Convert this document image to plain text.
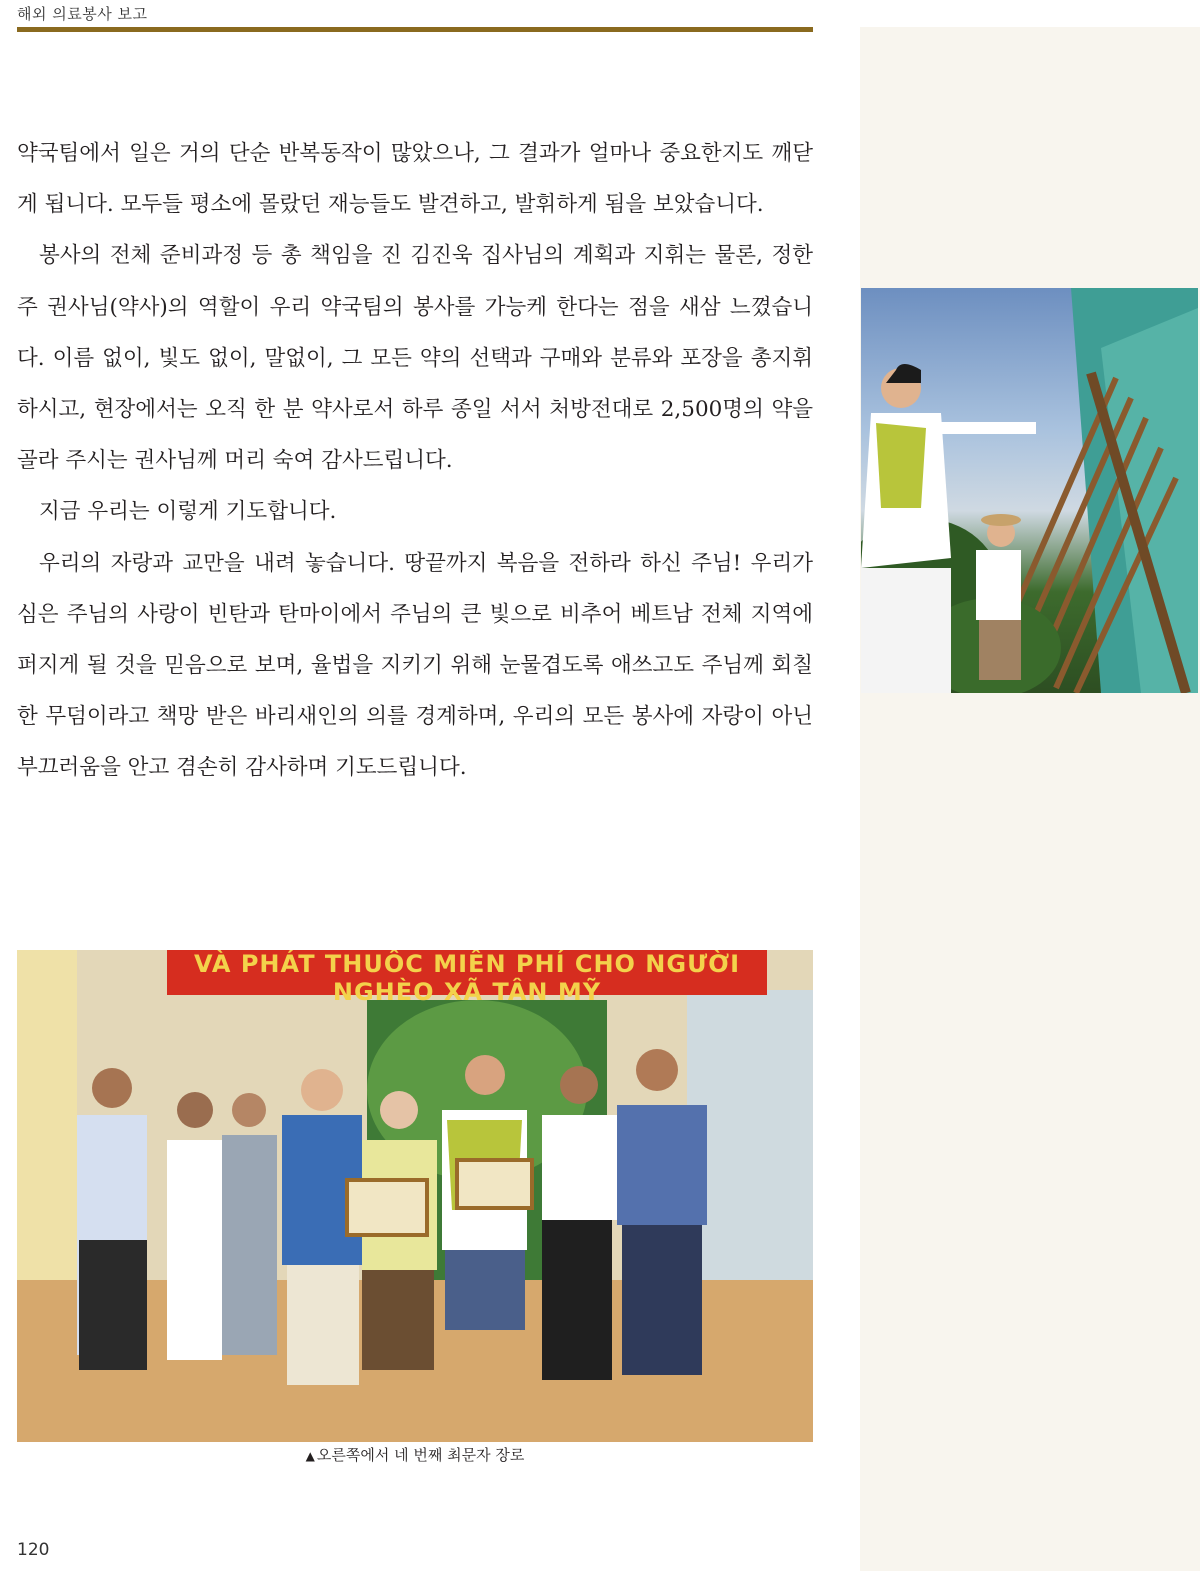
해외 의료봉사 보고

약국팀에서 일은 거의 단순 반복동작이 많았으나, 그 결과가 얼마나 중요한지도 깨닫게 됩니다. 모두들 평소에 몰랐던 재능들도 발견하고, 발휘하게 됨을 보았습니다.

봉사의 전체 준비과정 등 총 책임을 진 김진욱 집사님의 계획과 지휘는 물론, 정한주 권사님(약사)의 역할이 우리 약국팀의 봉사를 가능케 한다는 점을 새삼 느꼈습니다. 이름 없이, 빛도 없이, 말없이, 그 모든 약의 선택과 구매와 분류와 포장을 총지휘하시고, 현장에서는 오직 한 분 약사로서 하루 종일 서서 처방전대로 2,500명의 약을 골라 주시는 권사님께 머리 숙여 감사드립니다.

지금 우리는 이렇게 기도합니다.

우리의 자랑과 교만을 내려 놓습니다. 땅끝까지 복음을 전하라 하신 주님! 우리가 심은 주님의 사랑이 빈탄과 탄마이에서 주님의 큰 빛으로 비추어 베트남 전체 지역에 퍼지게 될 것을 믿음으로 보며, 율법을 지키기 위해 눈물겹도록 애쓰고도 주님께 회칠한 무덤이라고 책망 받은 바리새인의 의를 경계하며, 우리의 모든 봉사에 자랑이 아닌 부끄러움을 안고 겸손히 감사하며 기도드립니다.

VÀ PHÁT THUỐC MIỄN PHÍ CHO NGƯỜI NGHÈO XÃ TÂN MỸ
▲ 오른쪽에서 네 번째 최문자 장로
120
